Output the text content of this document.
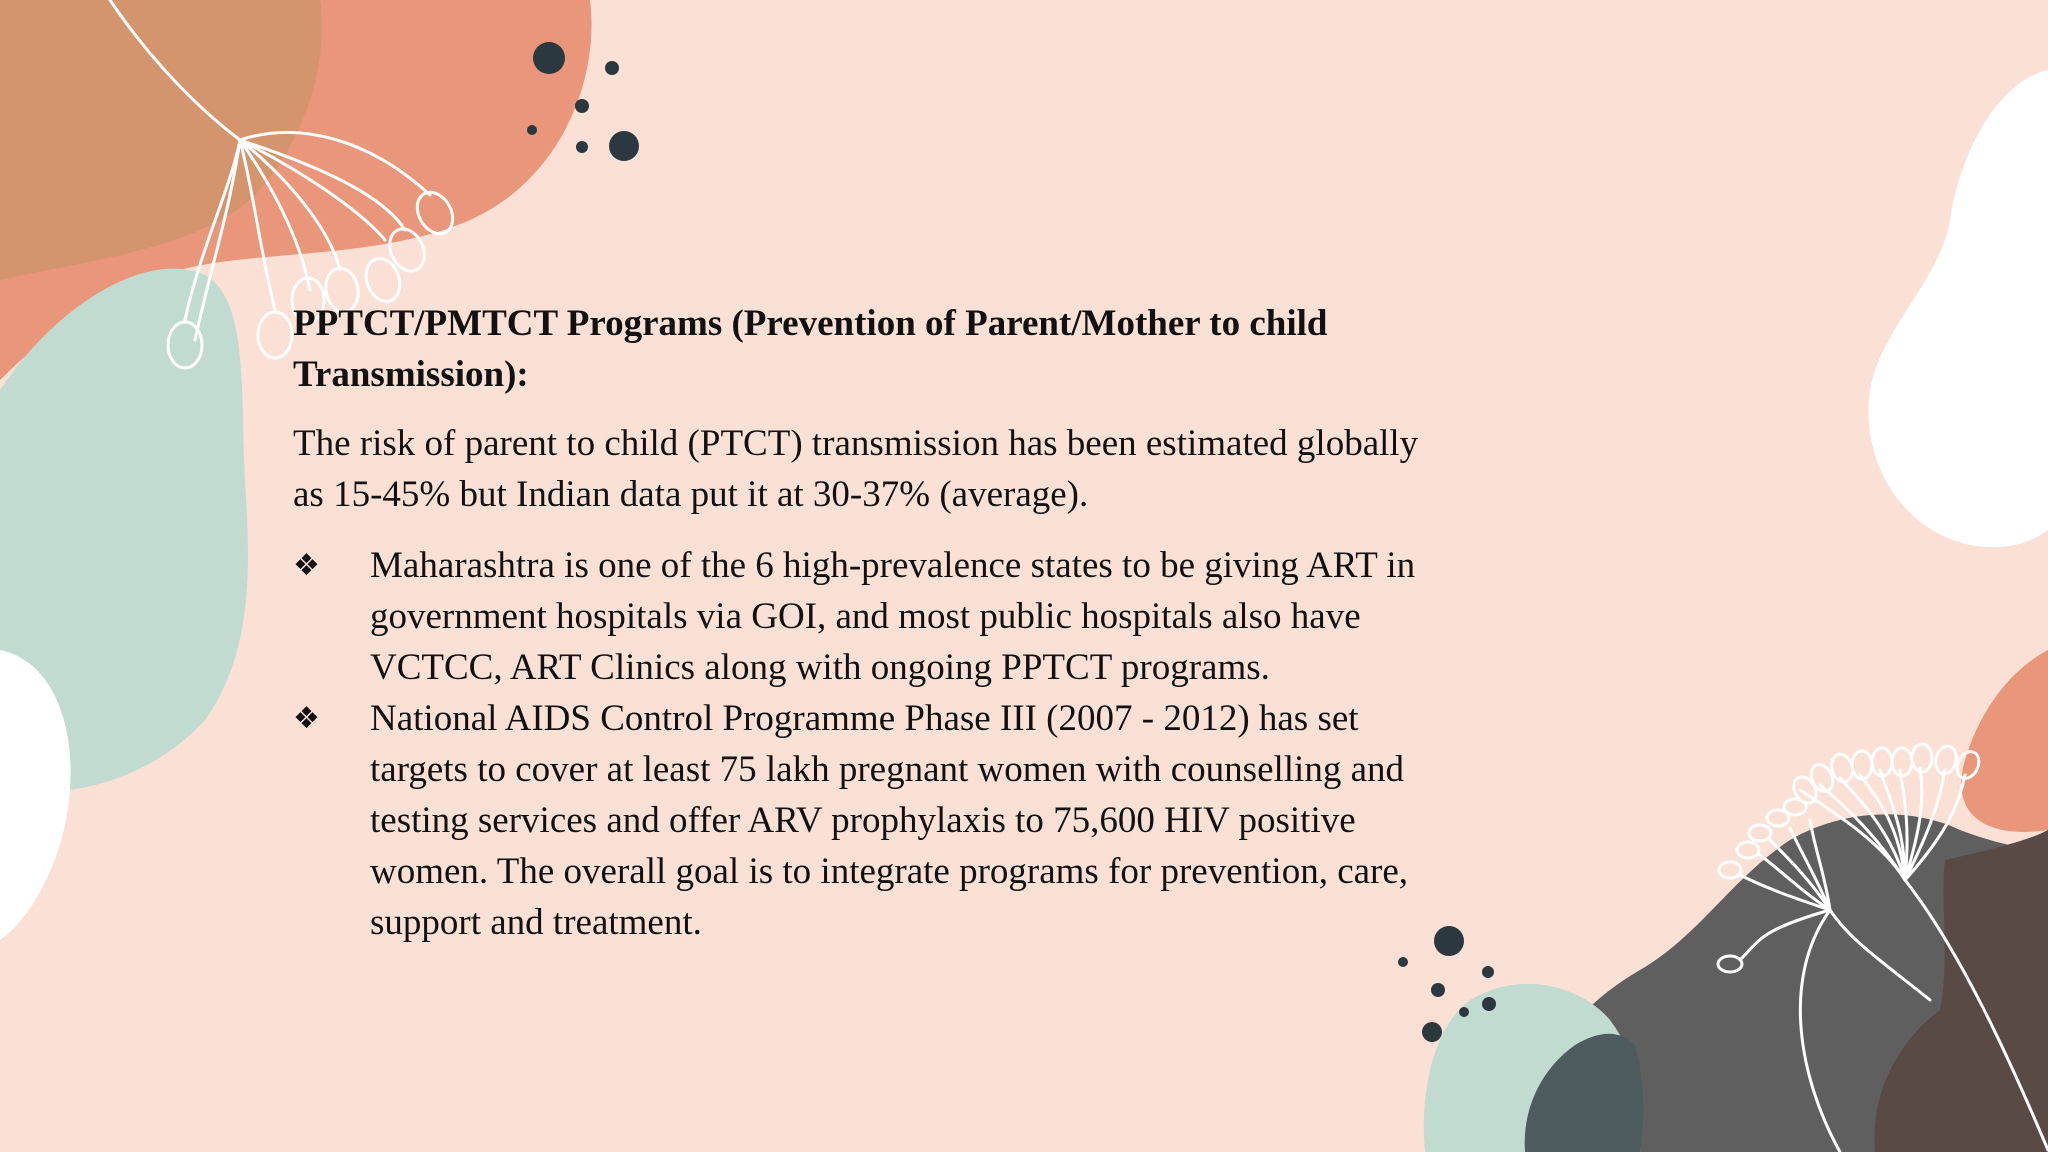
PPTCT/PMTCT Programs (Prevention of Parent/Mother to child Transmission):
The risk of parent to child (PTCT) transmission has been estimated globally as 15-45% but Indian data put it at 30-37% (average).
❖	Maharashtra is one of the 6 high-prevalence states to be giving ART in government hospitals via GOI, and most public hospitals also have VCTCC, ART Clinics along with ongoing PPTCT programs.
❖	National AIDS Control Programme Phase III (2007 - 2012) has set targets to cover at least 75 lakh pregnant women with counselling and testing services and offer ARV prophylaxis to 75,600 HIV positive women. The overall goal is to integrate programs for prevention, care, support and treatment.
